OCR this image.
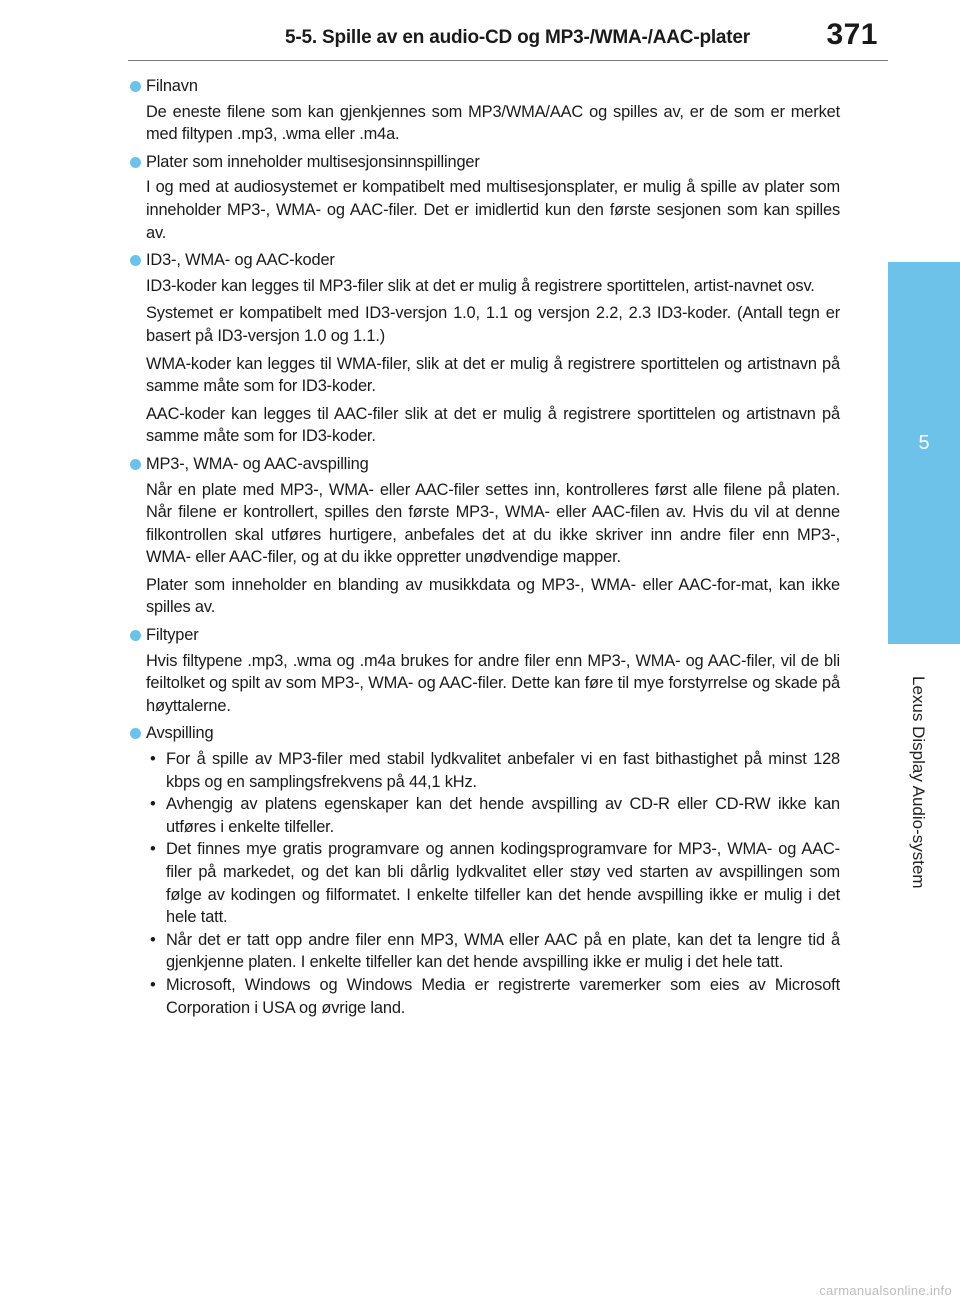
5-5. Spille av en audio-CD og MP3-/WMA-/AAC-plater	371
5
Lexus Display Audio-system
Filnavn

De eneste filene som kan gjenkjennes som MP3/WMA/AAC og spilles av, er de som er merket med filtypen .mp3, .wma eller .m4a.

Plater som inneholder multisesjonsinnspillinger

I og med at audiosystemet er kompatibelt med multisesjonsplater, er mulig å spille av plater som inneholder MP3-, WMA- og AAC-filer. Det er imidlertid kun den første sesjonen som kan spilles av.

ID3-, WMA- og AAC-koder

ID3-koder kan legges til MP3-filer slik at det er mulig å registrere sportittelen, artist-navnet osv.

Systemet er kompatibelt med ID3-versjon 1.0, 1.1 og versjon 2.2, 2.3 ID3-koder. (Antall tegn er basert på ID3-versjon 1.0 og 1.1.)

WMA-koder kan legges til WMA-filer, slik at det er mulig å registrere sportittelen og artistnavn på samme måte som for ID3-koder.

AAC-koder kan legges til AAC-filer slik at det er mulig å registrere sportittelen og artistnavn på samme måte som for ID3-koder.

MP3-, WMA- og AAC-avspilling

Når en plate med MP3-, WMA- eller AAC-filer settes inn, kontrolleres først alle filene på platen. Når filene er kontrollert, spilles den første MP3-, WMA- eller AAC-filen av. Hvis du vil at denne filkontrollen skal utføres hurtigere, anbefales det at du ikke skriver inn andre filer enn MP3-, WMA- eller AAC-filer, og at du ikke oppretter unødvendige mapper.

Plater som inneholder en blanding av musikkdata og MP3-, WMA- eller AAC-for-mat, kan ikke spilles av.

Filtyper

Hvis filtypene .mp3, .wma og .m4a brukes for andre filer enn MP3-, WMA- og AAC-filer, vil de bli feiltolket og spilt av som MP3-, WMA- og AAC-filer. Dette kan føre til mye forstyrrelse og skade på høyttalerne.

Avspilling
• For å spille av MP3-filer med stabil lydkvalitet anbefaler vi en fast bithastighet på minst 128 kbps og en samplingsfrekvens på 44,1 kHz.
• Avhengig av platens egenskaper kan det hende avspilling av CD-R eller CD-RW ikke kan utføres i enkelte tilfeller.
• Det finnes mye gratis programvare og annen kodingsprogramvare for MP3-, WMA- og AAC-filer på markedet, og det kan bli dårlig lydkvalitet eller støy ved starten av avspillingen som følge av kodingen og filformatet. I enkelte tilfeller kan det hende avspilling ikke er mulig i det hele tatt.
• Når det er tatt opp andre filer enn MP3, WMA eller AAC på en plate, kan det ta lengre tid å gjenkjenne platen. I enkelte tilfeller kan det hende avspilling ikke er mulig i det hele tatt.
• Microsoft, Windows og Windows Media er registrerte varemerker som eies av Microsoft Corporation i USA og øvrige land.
carmanualsonline.info
